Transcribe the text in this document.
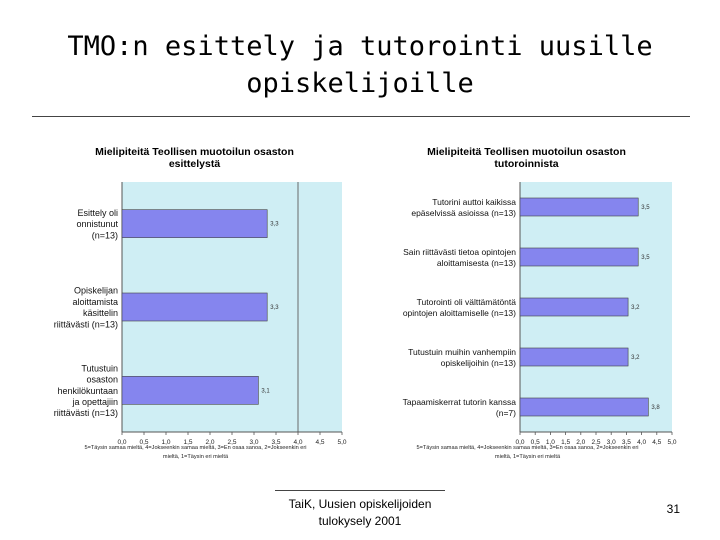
TMO:n esittely ja tutorointi uusille
opiskelijoille
Mielipiteitä Teollisen muotoilun osaston
esittelystä
3,3
Esittely oli
onnistunut
(n=13)
3,3
Opiskelijan
aloittamista
käsittelin
riittävästi (n=13)
3,1
Tutustuin
osaston
henkilökuntaan
ja opettajiin
riittävästi (n=13)
0,0 0,5 1,0 1,5 2,0 2,5 3,0 3,5 4,0 4,5 5,0
5=Täysin samaa mieltä, 4=Jokseenkin samaa mieltä, 3=En osaa sanoa, 2=Jokseenkin eri
mieltä, 1=Täysin eri mieltä
Mielipiteitä Teollisen muotoilun osaston
tutoroinnista
3,5
Tutorini auttoi kaikissa
epäselvissä asioissa (n=13)
3,5
Sain riittävästi tietoa opintojen
aloittamisesta (n=13)
3,2
Tutorointi oli välttämätöntä
opintojen aloittamiselle (n=13)
3,2
Tutustuin muihin vanhempiin
opiskelijoihin (n=13)
3,8
Tapaamiskerrat tutorin kanssa
(n=7)
0,0 0,5 1,0 1,5 2,0 2,5 3,0 3,5 4,0 4,5 5,0
5=Täysin samaa mieltä, 4=Jokseenkin samaa mieltä, 3=En osaa sanoa, 2=Jokseenkin eri
mieltä, 1=Täysin eri mieltä
TaiK, Uusien opiskelijoiden
tulokysely 2001
31
